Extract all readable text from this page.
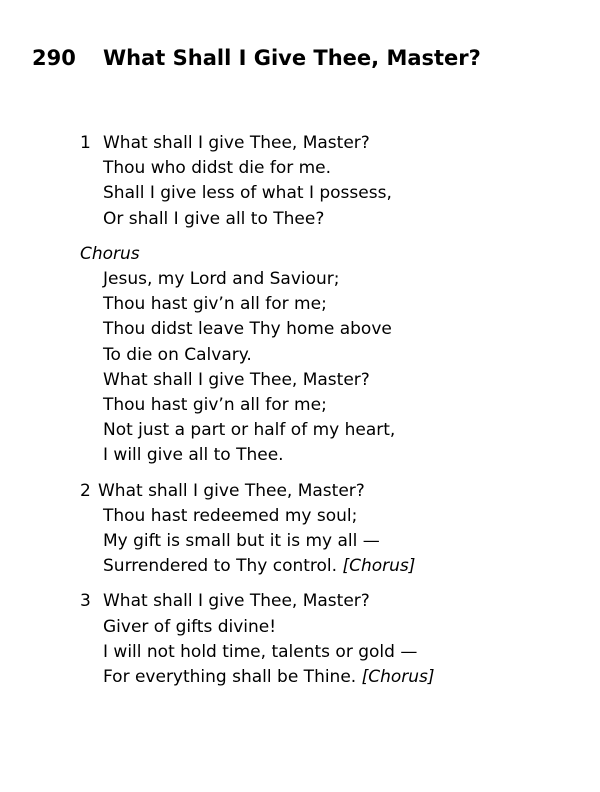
290 What Shall I Give Thee, Master?

1 What shall I give Thee, Master?

Thou who didst die for me.

Shall I give less of what I possess,

Or shall I give all to Thee?

Chorus

Jesus, my Lord and Saviour;

Thou hast giv’n all for me;

Thou didst leave Thy home above

To die on Calvary.

What shall I give Thee, Master?

Thou hast giv’n all for me;

Not just a part or half of my heart,

I will give all to Thee.

2 What shall I give Thee, Master?

Thou hast redeemed my soul;

My gift is small but it is my all —

Surrendered to Thy control. [Chorus]

3 What shall I give Thee, Master?

Giver of gifts divine!

I will not hold time, talents or gold —

For everything shall be Thine. [Chorus]
